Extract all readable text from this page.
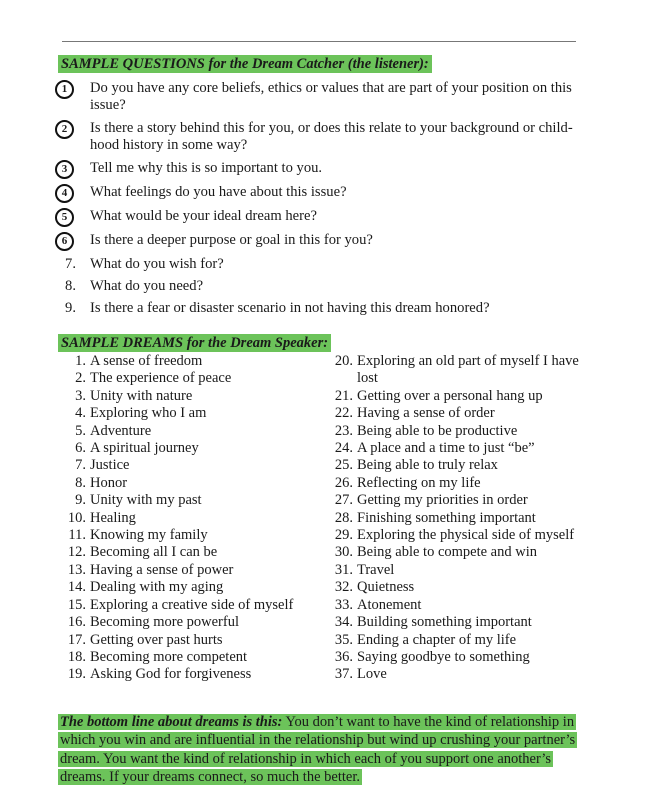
SAMPLE QUESTIONS for the Dream Catcher (the listener):
1	Do you have any core beliefs, ethics or values that are part of your position on this issue?
2	Is there a story behind this for you, or does this relate to your background or child-hood history in some way?
3	Tell me why this is so important to you.
4	What feelings do you have about this issue?
5	What would be your ideal dream here?
6	Is there a deeper purpose or goal in this for you?
7. What do you wish for?
8. What do you need?
9. Is there a fear or disaster scenario in not having this dream honored?
SAMPLE DREAMS for the Dream Speaker:
1. A sense of freedom
2. The experience of peace
3. Unity with nature
4. Exploring who I am
5. Adventure
6. A spiritual journey
7. Justice
8. Honor
9. Unity with my past
10. Healing
11. Knowing my family
12. Becoming all I can be
13. Having a sense of power
14. Dealing with my aging
15. Exploring a creative side of myself
16. Becoming more powerful
17. Getting over past hurts
18. Becoming more competent
19. Asking God for forgiveness
20. Exploring an old part of myself I have lost
21. Getting over a personal hang up
22. Having a sense of order
23. Being able to be productive
24. A place and a time to just “be”
25. Being able to truly relax
26. Reflecting on my life
27. Getting my priorities in order
28. Finishing something important
29. Exploring the physical side of myself
30. Being able to compete and win
31. Travel
32. Quietness
33. Atonement
34. Building something important
35. Ending a chapter of my life
36. Saying goodbye to something
37. Love
The bottom line about dreams is this: You don’t want to have the kind of relationship in which you win and are influential in the relationship but wind up crushing your partner’s dream. You want the kind of relationship in which each of you support one another’s dreams. If your dreams connect, so much the better.
